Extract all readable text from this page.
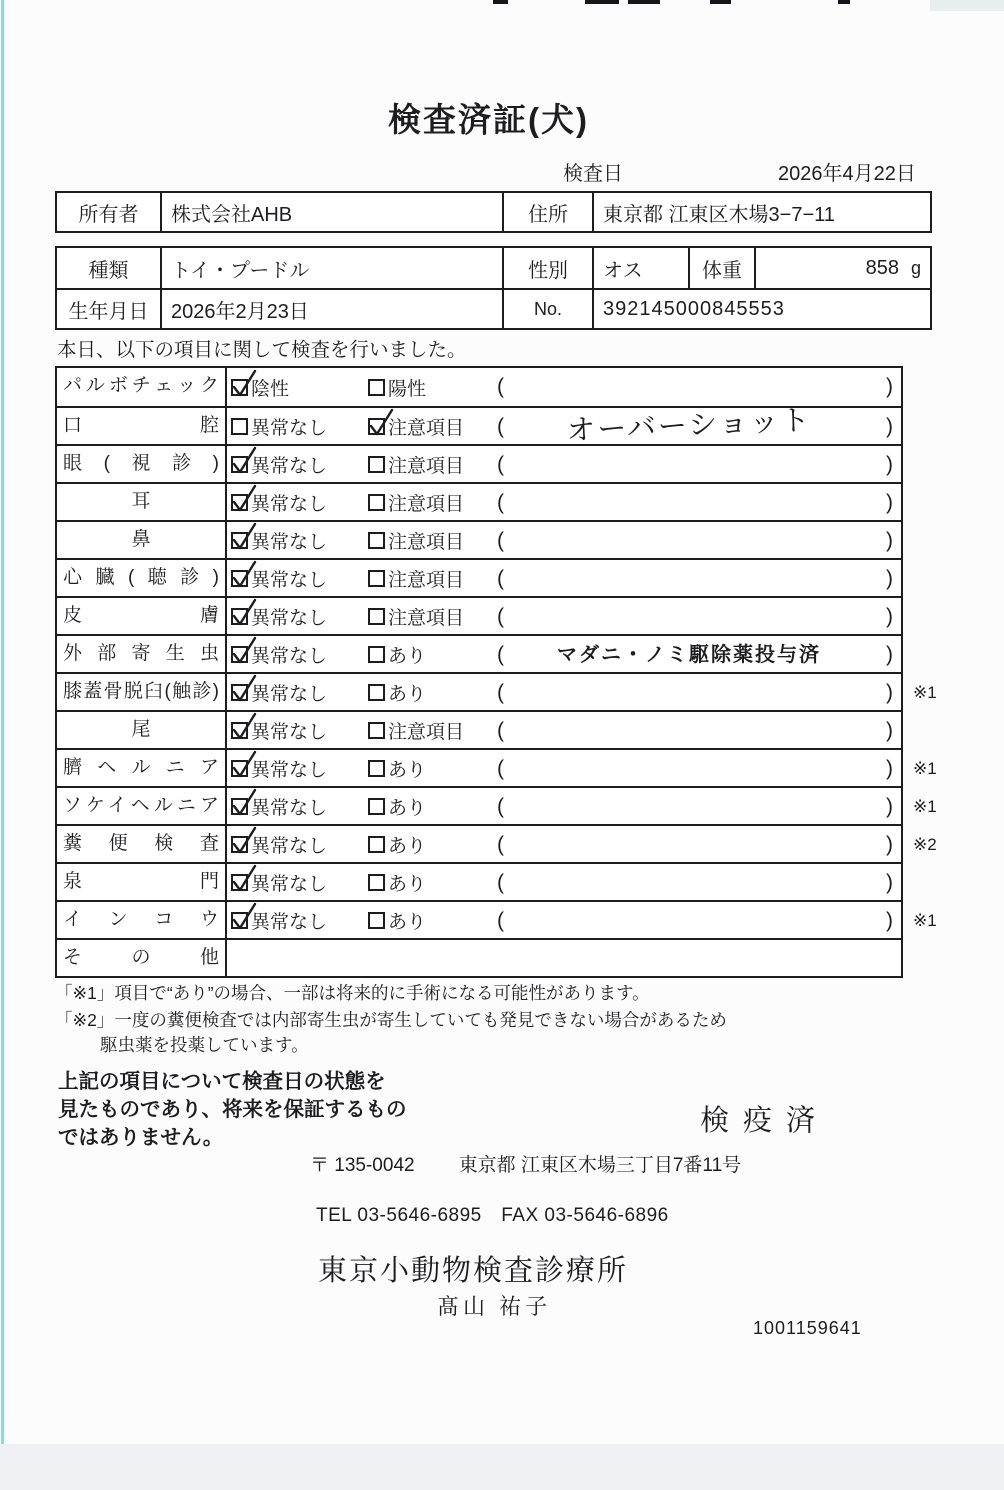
検査済証(犬)
検査日	2026年4月22日
所有者	株式会社AHB	住所	東京都 江東区木場3−7−11
種類	トイ・プードル	性別	オス	体重	858 g
生年月日	2026年2月23日	No.	392145000845553
本日、以下の項目に関して検査を行いました。
パルボチェック	陰性	陽性	(	)
口腔	異常なし	注意項目 (	オーバーショット	)
眼(視診)	異常なし	注意項目 (	)
耳	異常なし	注意項目 (	)
鼻	異常なし	注意項目 (	)
心臓(聴診)	異常なし	注意項目 (	)
皮膚	異常なし	注意項目 (	)
外部寄生虫	異常なし	あり	(	マダニ・ノミ駆除薬投与済	)
膝蓋骨脱臼(触診)	異常なし	あり	(	) ※1
尾	異常なし	注意項目 (	)
臍ヘルニア	異常なし	あり	(	) ※1
ソケイヘルニア	異常なし	あり	(	) ※1
糞便検査	異常なし	あり	(	) ※2
泉門	異常なし	あり	(	)
インコウ	異常なし	あり	(	) ※1
その他
「※1」項目で“あり”の場合、一部は将来的に手術になる可能性があります。
「※2」一度の糞便検査では内部寄生虫が寄生していても発見できない場合があるため
駆虫薬を投薬しています。
上記の項目について検査日の状態を
見たものであり、将来を保証するもの
ではありません。
検疫済
〒 135-0042 東京都 江東区木場三丁目7番11号
TEL 03-5646-6895　FAX 03-5646-6896
東京小動物検査診療所
髙山 祐子
1001159641
